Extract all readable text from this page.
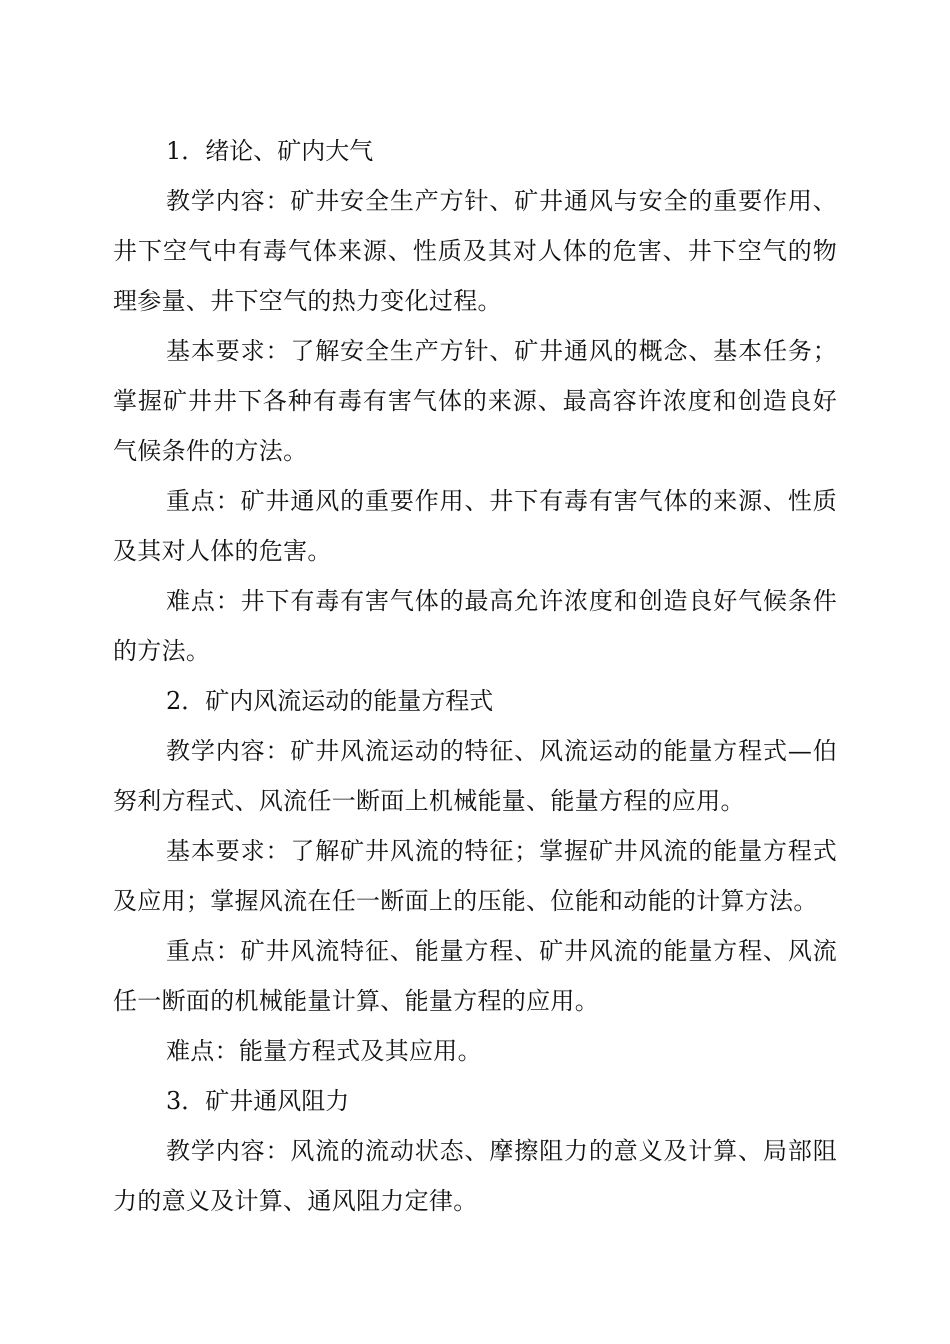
1．绪论、矿内大气

教学内容：矿井安全生产方针、矿井通风与安全的重要作用、井下空气中有毒气体来源、性质及其对人体的危害、井下空气的物理参量、井下空气的热力变化过程。

基本要求：了解安全生产方针、矿井通风的概念、基本任务；掌握矿井井下各种有毒有害气体的来源、最高容许浓度和创造良好气候条件的方法。

重点：矿井通风的重要作用、井下有毒有害气体的来源、性质及其对人体的危害。

难点：井下有毒有害气体的最高允许浓度和创造良好气候条件的方法。

2．矿内风流运动的能量方程式

教学内容：矿井风流运动的特征、风流运动的能量方程式—伯努利方程式、风流任一断面上机械能量、能量方程的应用。

基本要求：了解矿井风流的特征；掌握矿井风流的能量方程式及应用；掌握风流在任一断面上的压能、位能和动能的计算方法。

重点：矿井风流特征、能量方程、矿井风流的能量方程、风流任一断面的机械能量计算、能量方程的应用。

难点：能量方程式及其应用。

3．矿井通风阻力

教学内容：风流的流动状态、摩擦阻力的意义及计算、局部阻力的意义及计算、通风阻力定律。
